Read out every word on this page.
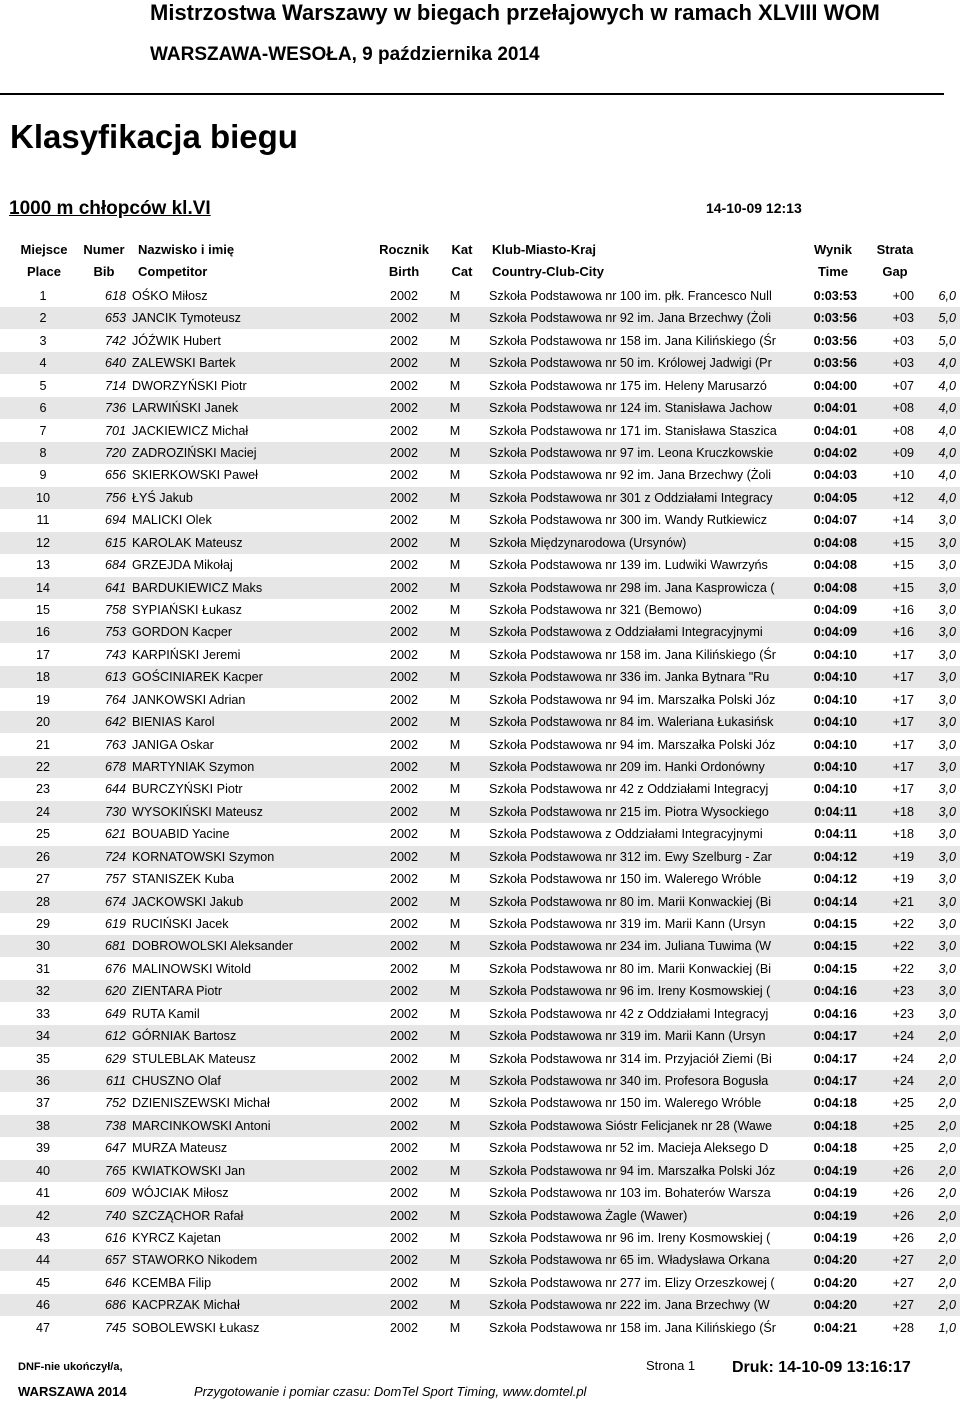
Mistrzostwa Warszawy w biegach przełajowych w ramach XLVIII WOM
WARSZAWA-WESOŁA, 9 października 2014
Klasyfikacja biegu
1000 m chłopców kl.VI	14-10-09 12:13
Miejsce	Numer	Nazwisko i imię	Rocznik	Kat	Klub-Miasto-Kraj	Wynik	Strata
Place	Bib	Competitor	Birth	Cat	Country-Club-City	Time	Gap
1	618 OŚKO Miłosz	2002	M	Szkoła Podstawowa nr 100 im. płk. Francesco Null	0:03:53	+00	6,0
2	653 JANCIK Tymoteusz	2002	M	Szkoła Podstawowa nr 92 im. Jana Brzechwy (Żoli	0:03:56	+03	5,0
3	742 JÓŹWIK Hubert	2002	M	Szkoła Podstawowa nr 158 im. Jana Kilińskiego (Śr	0:03:56	+03	5,0
4	640 ZALEWSKI Bartek	2002	M	Szkoła Podstawowa nr 50 im. Królowej Jadwigi (Pr	0:03:56	+03	4,0
5	714 DWORZYŃSKI Piotr	2002	M	Szkoła Podstawowa nr 175 im. Heleny Marusarzó	0:04:00	+07	4,0
6	736 LARWIŃSKI Janek	2002	M	Szkoła Podstawowa nr 124 im. Stanisława Jachow	0:04:01	+08	4,0
7	701 JACKIEWICZ Michał	2002	M	Szkoła Podstawowa nr 171 im. Stanisława Staszica	0:04:01	+08	4,0
8	720 ZADROZIŃSKI Maciej	2002	M	Szkoła Podstawowa nr 97 im. Leona Kruczkowskie	0:04:02	+09	4,0
9	656 SKIERKOWSKI Paweł	2002	M	Szkoła Podstawowa nr 92 im. Jana Brzechwy (Żoli	0:04:03	+10	4,0
10	756 ŁYŚ Jakub	2002	M	Szkoła Podstawowa nr 301 z Oddziałami Integracy	0:04:05	+12	4,0
11	694 MALICKI Olek	2002	M	Szkoła Podstawowa nr 300 im. Wandy Rutkiewicz	0:04:07	+14	3,0
12	615 KAROLAK Mateusz	2002	M	Szkoła Międzynarodowa (Ursynów)	0:04:08	+15	3,0
13	684 GRZEJDA Mikołaj	2002	M	Szkoła Podstawowa nr 139 im. Ludwiki Wawrzyńs	0:04:08	+15	3,0
14	641 BARDUKIEWICZ Maks	2002	M	Szkoła Podstawowa nr 298 im. Jana Kasprowicza (	0:04:08	+15	3,0
15	758 SYPIAŃSKI Łukasz	2002	M	Szkoła Podstawowa nr 321 (Bemowo)	0:04:09	+16	3,0
16	753 GORDON Kacper	2002	M	Szkoła Podstawowa z Oddziałami Integracyjnymi	0:04:09	+16	3,0
17	743 KARPIŃSKI Jeremi	2002	M	Szkoła Podstawowa nr 158 im. Jana Kilińskiego (Śr	0:04:10	+17	3,0
18	613 GOŚCINIAREK Kacper	2002	M	Szkoła Podstawowa nr 336 im. Janka Bytnara "Ru	0:04:10	+17	3,0
19	764 JANKOWSKI Adrian	2002	M	Szkoła Podstawowa nr 94 im. Marszałka Polski Józ	0:04:10	+17	3,0
20	642 BIENIAS Karol	2002	M	Szkoła Podstawowa nr 84 im. Waleriana Łukasińsk	0:04:10	+17	3,0
21	763 JANIGA Oskar	2002	M	Szkoła Podstawowa nr 94 im. Marszałka Polski Józ	0:04:10	+17	3,0
22	678 MARTYNIAK Szymon	2002	M	Szkoła Podstawowa nr 209 im. Hanki Ordonówny	0:04:10	+17	3,0
23	644 BURCZYŃSKI Piotr	2002	M	Szkoła Podstawowa nr 42 z Oddziałami Integracyj	0:04:10	+17	3,0
24	730 WYSOKIŃSKI Mateusz	2002	M	Szkoła Podstawowa nr 215 im. Piotra Wysockiego	0:04:11	+18	3,0
25	621 BOUABID Yacine	2002	M	Szkoła Podstawowa z Oddziałami Integracyjnymi	0:04:11	+18	3,0
26	724 KORNATOWSKI Szymon	2002	M	Szkoła Podstawowa nr 312 im. Ewy Szelburg - Zar	0:04:12	+19	3,0
27	757 STANISZEK Kuba	2002	M	Szkoła Podstawowa nr 150 im. Walerego Wróble	0:04:12	+19	3,0
28	674 JACKOWSKI Jakub	2002	M	Szkoła Podstawowa nr 80 im. Marii Konwackiej (Bi	0:04:14	+21	3,0
29	619 RUCIŃSKI Jacek	2002	M	Szkoła Podstawowa nr 319 im. Marii Kann (Ursyn	0:04:15	+22	3,0
30	681 DOBROWOLSKI Aleksander	2002	M	Szkoła Podstawowa nr 234 im. Juliana Tuwima (W	0:04:15	+22	3,0
31	676 MALINOWSKI Witold	2002	M	Szkoła Podstawowa nr 80 im. Marii Konwackiej (Bi	0:04:15	+22	3,0
32	620 ZIENTARA Piotr	2002	M	Szkoła Podstawowa nr 96 im. Ireny Kosmowskiej (	0:04:16	+23	3,0
33	649 RUTA Kamil	2002	M	Szkoła Podstawowa nr 42 z Oddziałami Integracyj	0:04:16	+23	3,0
34	612 GÓRNIAK Bartosz	2002	M	Szkoła Podstawowa nr 319 im. Marii Kann (Ursyn	0:04:17	+24	2,0
35	629 STULEBLAK Mateusz	2002	M	Szkoła Podstawowa nr 314 im. Przyjaciół Ziemi (Bi	0:04:17	+24	2,0
36	611 CHUSZNO Olaf	2002	M	Szkoła Podstawowa nr 340 im. Profesora Bogusła	0:04:17	+24	2,0
37	752 DZIENISZEWSKI Michał	2002	M	Szkoła Podstawowa nr 150 im. Walerego Wróble	0:04:18	+25	2,0
38	738 MARCINKOWSKI Antoni	2002	M	Szkoła Podstawowa Sióstr Felicjanek nr 28 (Wawe	0:04:18	+25	2,0
39	647 MURZA Mateusz	2002	M	Szkoła Podstawowa nr 52 im. Macieja Aleksego D	0:04:18	+25	2,0
40	765 KWIATKOWSKI Jan	2002	M	Szkoła Podstawowa nr 94 im. Marszałka Polski Józ	0:04:19	+26	2,0
41	609 WÓJCIAK Miłosz	2002	M	Szkoła Podstawowa nr 103 im. Bohaterów Warsza	0:04:19	+26	2,0
42	740 SZCZĄCHOR Rafał	2002	M	Szkoła Podstawowa Żagle (Wawer)	0:04:19	+26	2,0
43	616 KYRCZ Kajetan	2002	M	Szkoła Podstawowa nr 96 im. Ireny Kosmowskiej (	0:04:19	+26	2,0
44	657 STAWORKO Nikodem	2002	M	Szkoła Podstawowa nr 65 im. Władysława Orkana	0:04:20	+27	2,0
45	646 KCEMBA Filip	2002	M	Szkoła Podstawowa nr 277 im. Elizy Orzeszkowej (	0:04:20	+27	2,0
46	686 KACPRZAK Michał	2002	M	Szkoła Podstawowa nr 222 im. Jana Brzechwy (W	0:04:20	+27	2,0
47	745 SOBOLEWSKI Łukasz	2002	M	Szkoła Podstawowa nr 158 im. Jana Kilińskiego (Śr	0:04:21	+28	1,0
DNF-nie ukończył/a,
WARSZAWA 2014
Strona 1 Druk: 14-10-09 13:16:17
Przygotowanie i pomiar czasu: DomTel Sport Timing, www.domtel.pl
